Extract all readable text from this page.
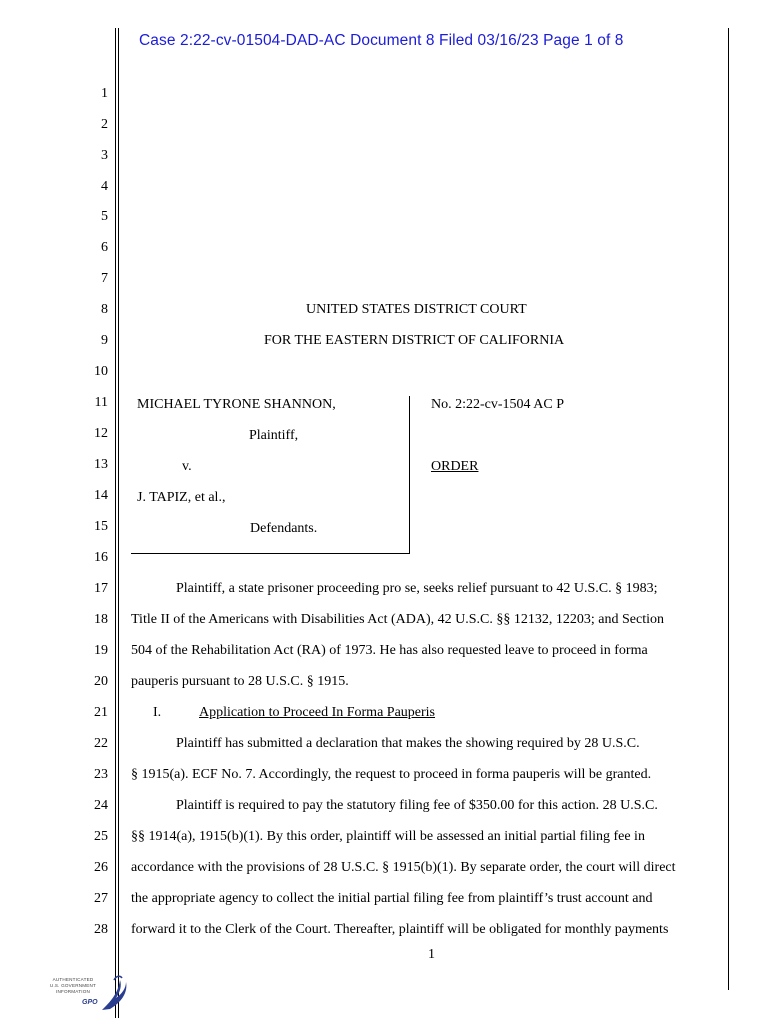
Case 2:22-cv-01504-DAD-AC Document 8 Filed 03/16/23 Page 1 of 8
1
2
3
4
5
6
7
8
9
10
11
12
13
14
15
16
17
18
19
20
21
22
23
24
25
26
27
28
UNITED STATES DISTRICT COURT
FOR THE EASTERN DISTRICT OF CALIFORNIA
MICHAEL TYRONE SHANNON,
Plaintiff,
v.
J. TAPIZ, et al.,
Defendants.
No. 2:22-cv-1504 AC P
ORDER
Plaintiff, a state prisoner proceeding pro se, seeks relief pursuant to 42 U.S.C. § 1983;
Title II of the Americans with Disabilities Act (ADA), 42 U.S.C. §§ 12132, 12203; and Section
504 of the Rehabilitation Act (RA) of 1973. He has also requested leave to proceed in forma
pauperis pursuant to 28 U.S.C. § 1915.
I.	Application to Proceed In Forma Pauperis
Plaintiff has submitted a declaration that makes the showing required by 28 U.S.C.
§ 1915(a). ECF No. 7. Accordingly, the request to proceed in forma pauperis will be granted.
Plaintiff is required to pay the statutory filing fee of $350.00 for this action. 28 U.S.C.
§§ 1914(a), 1915(b)(1). By this order, plaintiff will be assessed an initial partial filing fee in
accordance with the provisions of 28 U.S.C. § 1915(b)(1). By separate order, the court will direct
the appropriate agency to collect the initial partial filing fee from plaintiff’s trust account and
forward it to the Clerk of the Court. Thereafter, plaintiff will be obligated for monthly payments
1
AUTHENTICATED
U.S. GOVERNMENT
INFORMATION
GPO
